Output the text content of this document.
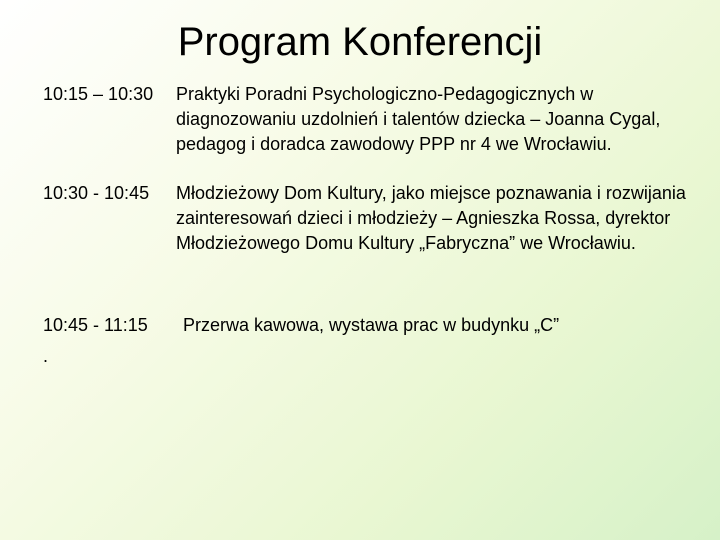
Program Konferencji
10:15 – 10:30 Praktyki Poradni Psychologiczno-Pedagogicznych w diagnozowaniu uzdolnień i talentów dziecka – Joanna Cygal, pedagog i doradca zawodowy PPP nr 4 we Wrocławiu.
10:30 - 10:45 Młodzieżowy Dom Kultury, jako miejsce poznawania i rozwijania zainteresowań dzieci i młodzieży – Agnieszka Rossa, dyrektor Młodzieżowego Domu Kultury „Fabryczna” we Wrocławiu.
10:45 - 11:15 Przerwa kawowa, wystawa prac w budynku „C”
.
